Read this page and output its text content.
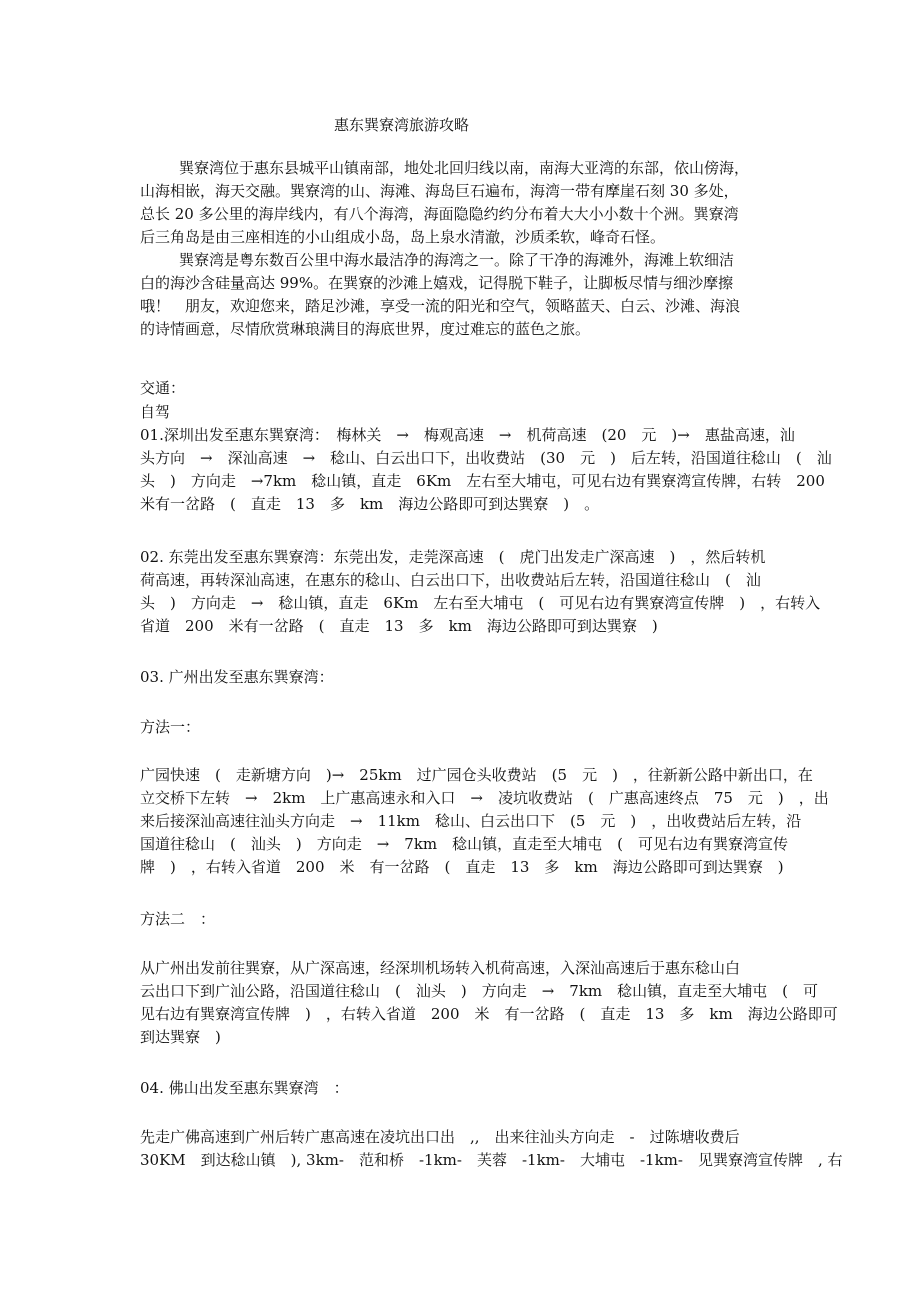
惠东巽寮湾旅游攻略
巽寮湾位于惠东县城平山镇南部，地处北回归线以南，南海大亚湾的东部，依山傍海，
山海相嵌，海天交融。巽寮湾的山、海滩、海岛巨石遍布，海湾一带有摩崖石刻 30 多处，
总长 20 多公里的海岸线内，有八个海湾，海面隐隐约约分布着大大小小数十个洲。巽寮湾
后三角岛是由三座相连的小山组成小岛，岛上泉水清澈，沙质柔软，峰奇石怪。
巽寮湾是粤东数百公里中海水最洁净的海湾之一。除了干净的海滩外，海滩上软细洁
白的海沙含硅量高达 99%。在巽寮的沙滩上嬉戏，记得脱下鞋子，让脚板尽情与细沙摩擦
哦！　朋友，欢迎您来，踏足沙滩，享受一流的阳光和空气，领略蓝天、白云、沙滩、海浪
的诗情画意，尽情欣赏琳琅满目的海底世界，度过难忘的蓝色之旅。
交通：
自驾
01.深圳出发至惠东巽寮湾：　梅林关　→　梅观高速　→　机荷高速　(20　元　)→　惠盐高速，汕
头方向　→　深汕高速　→　稔山、白云出口下，出收费站　(30　元　)　后左转，沿国道往稔山　(　汕
头　)　方向走　→7km　稔山镇，直走　6Km　左右至大埔屯，可见右边有巽寮湾宣传牌，右转　200
米有一岔路　(　直走　13　多　km　海边公路即可到达巽寮　)　。
02. 东莞出发至惠东巽寮湾：东莞出发，走莞深高速　(　虎门出发走广深高速　)　，然后转机
荷高速，再转深汕高速，在惠东的稔山、白云出口下，出收费站后左转，沿国道往稔山　(　汕
头　)　方向走　→　稔山镇，直走　6Km　左右至大埔屯　(　可见右边有巽寮湾宣传牌　)　，右转入
省道　200　米有一岔路　(　直走　13　多　km　海边公路即可到达巽寮　)
03. 广州出发至惠东巽寮湾：
方法一：
广园快速　(　走新塘方向　)→　25km　过广园仓头收费站　(5　元　)　，往新新公路中新出口，在
立交桥下左转　→　2km　上广惠高速永和入口　→　凌坑收费站　(　广惠高速终点　75　元　)　，出
来后接深汕高速往汕头方向走　→　11km　稔山、白云出口下　(5　元　)　，出收费站后左转，沿
国道往稔山　(　汕头　)　方向走　→　7km　稔山镇，直走至大埔屯　(　可见右边有巽寮湾宣传
牌　)　，右转入省道　200　米　有一岔路　(　直走　13　多　km　海边公路即可到达巽寮　)
方法二　：
从广州出发前往巽寮，从广深高速，经深圳机场转入机荷高速，入深汕高速后于惠东稔山白
云出口下到广汕公路，沿国道往稔山　(　汕头　)　方向走　→　7km　稔山镇，直走至大埔屯　(　可
见右边有巽寮湾宣传牌　)　，右转入省道　200　米　有一岔路　(　直走　13　多　km　海边公路即可
到达巽寮　)
04. 佛山出发至惠东巽寮湾　：
先走广佛高速到广州后转广惠高速在凌坑出口出　,,　出来往汕头方向走　-　过陈塘收费后
30KM　到达稔山镇　), 3km-　范和桥　-1km-　芙蓉　-1km-　大埔屯　-1km-　见巽寮湾宣传牌　, 右
